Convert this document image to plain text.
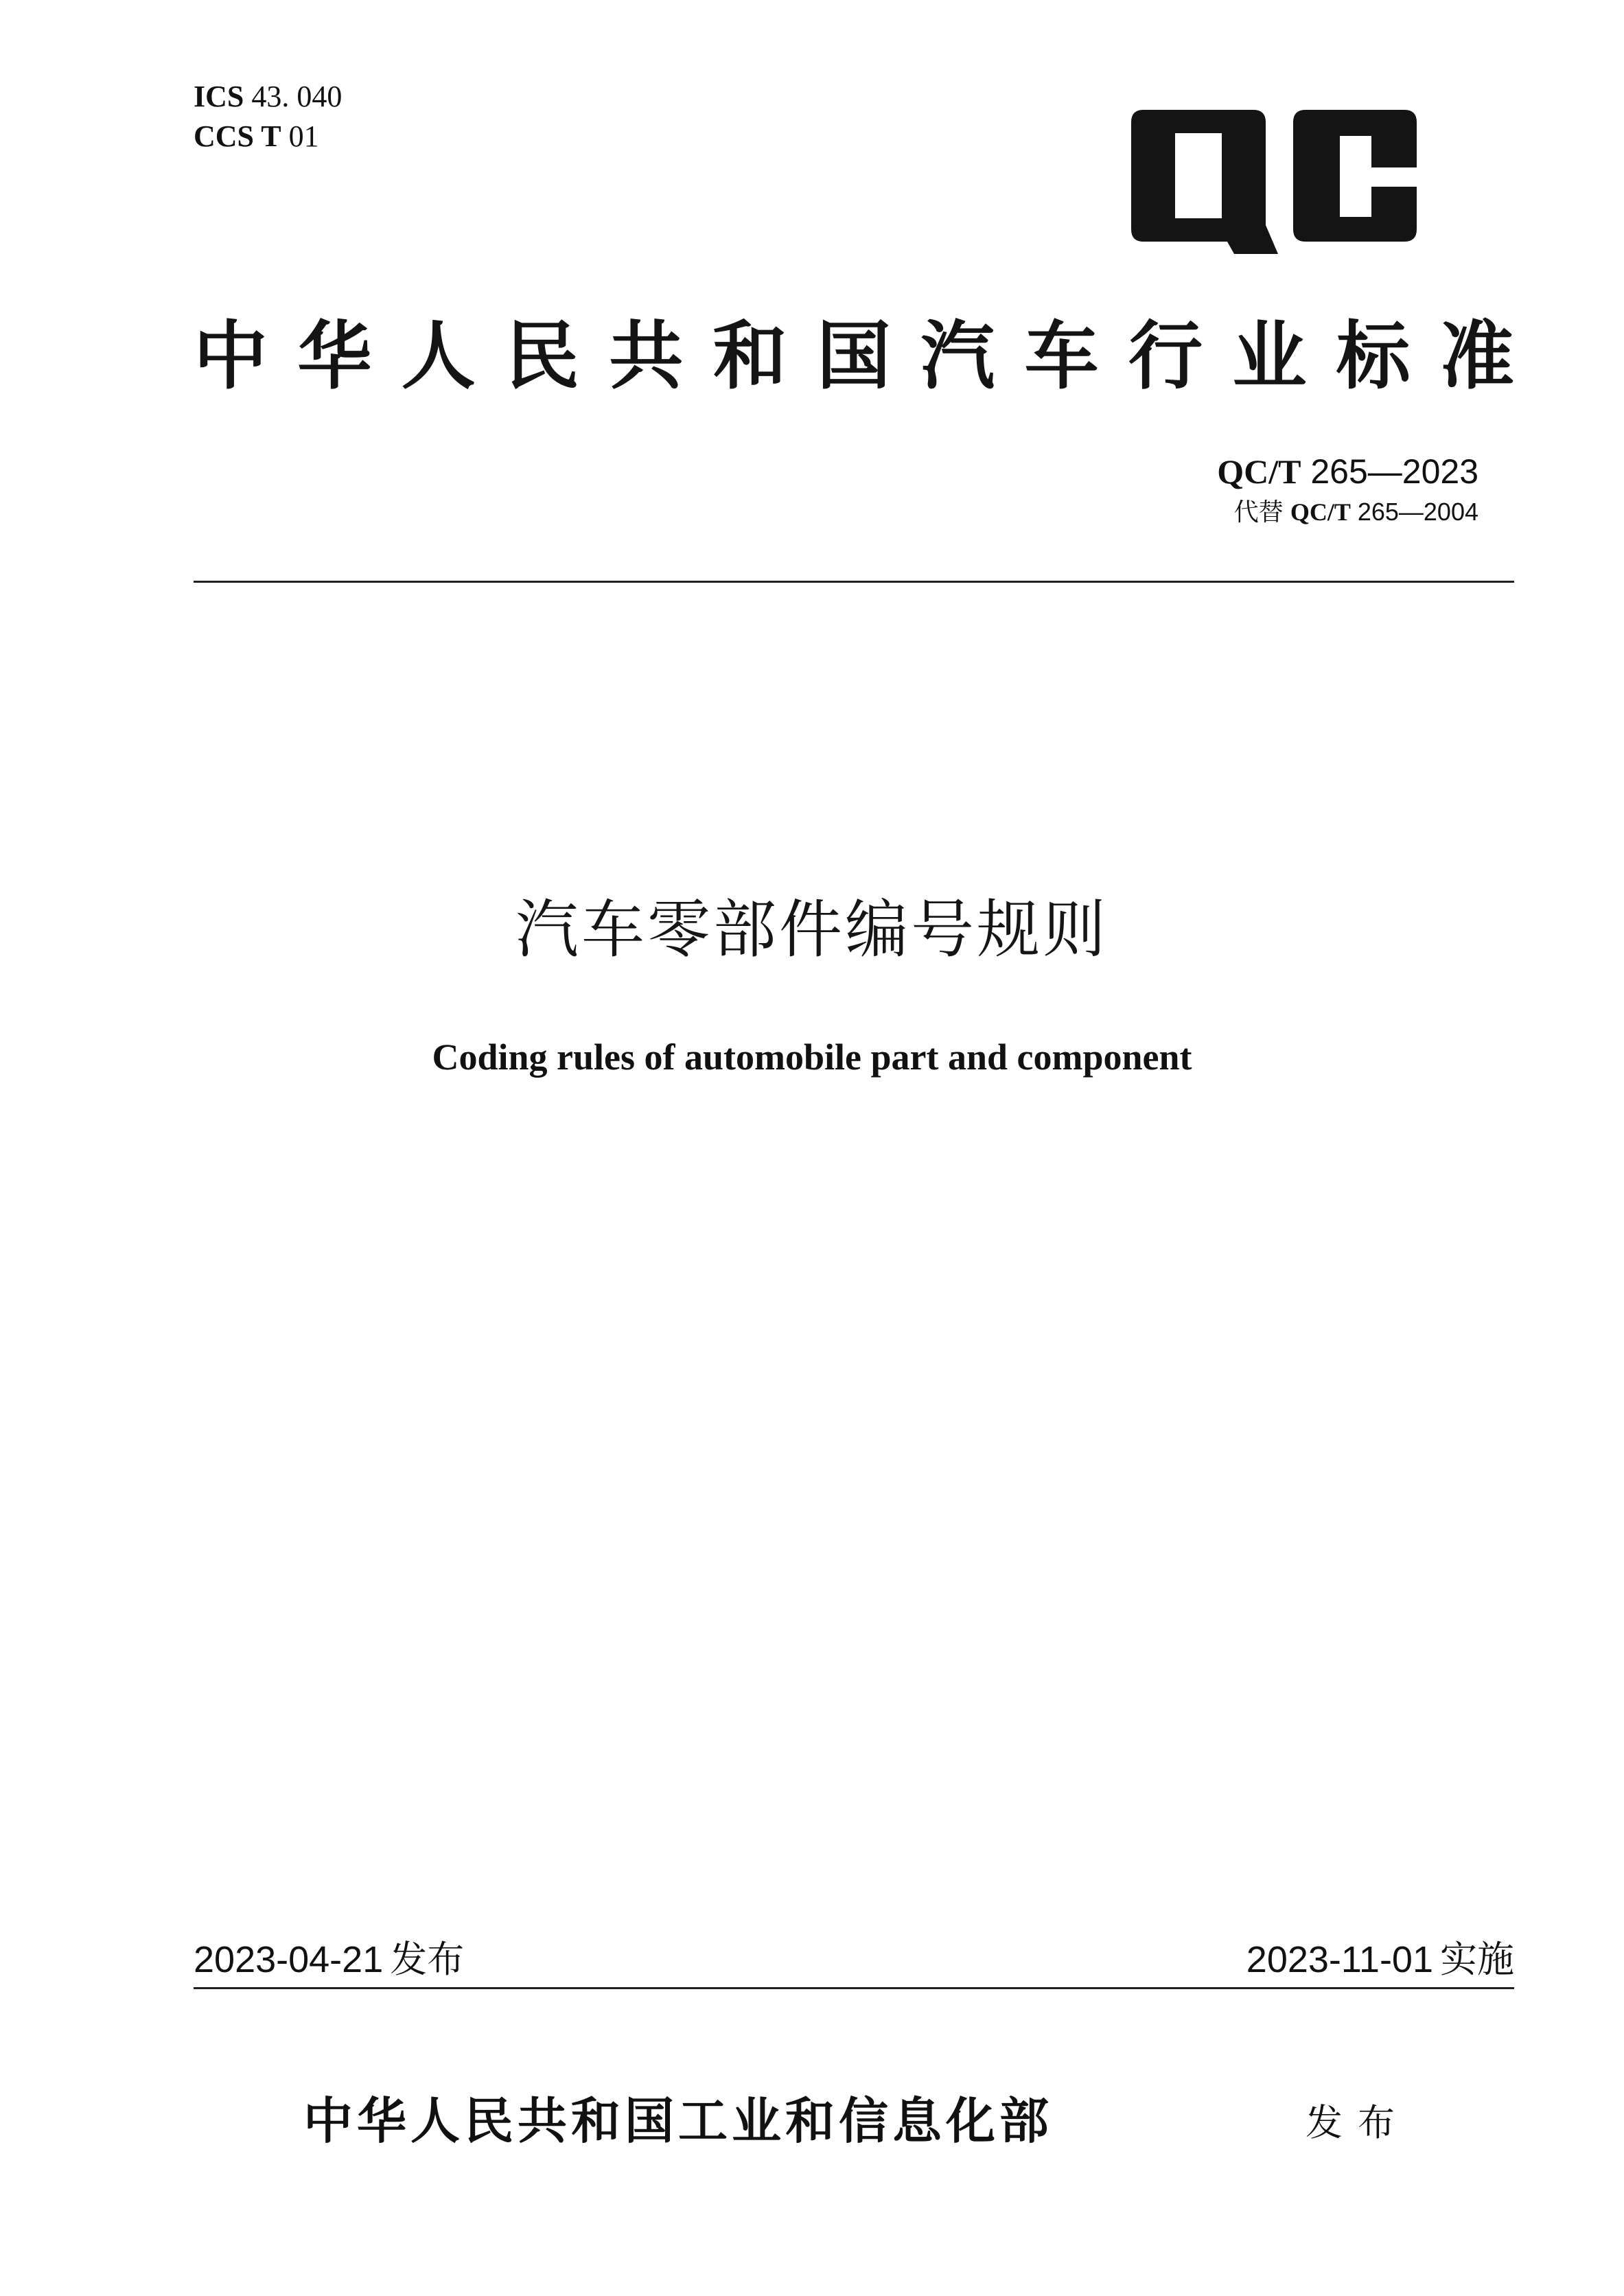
ICS 43. 040
CCS T 01
中华人民共和国汽车行业标准
QC/T 265—2023
代替 QC/T 265—2004
汽车零部件编号规则
Coding rules of automobile part and component
2023-04-21 发布	2023-11-01 实施
中华人民共和国工业和信息化部	发布
